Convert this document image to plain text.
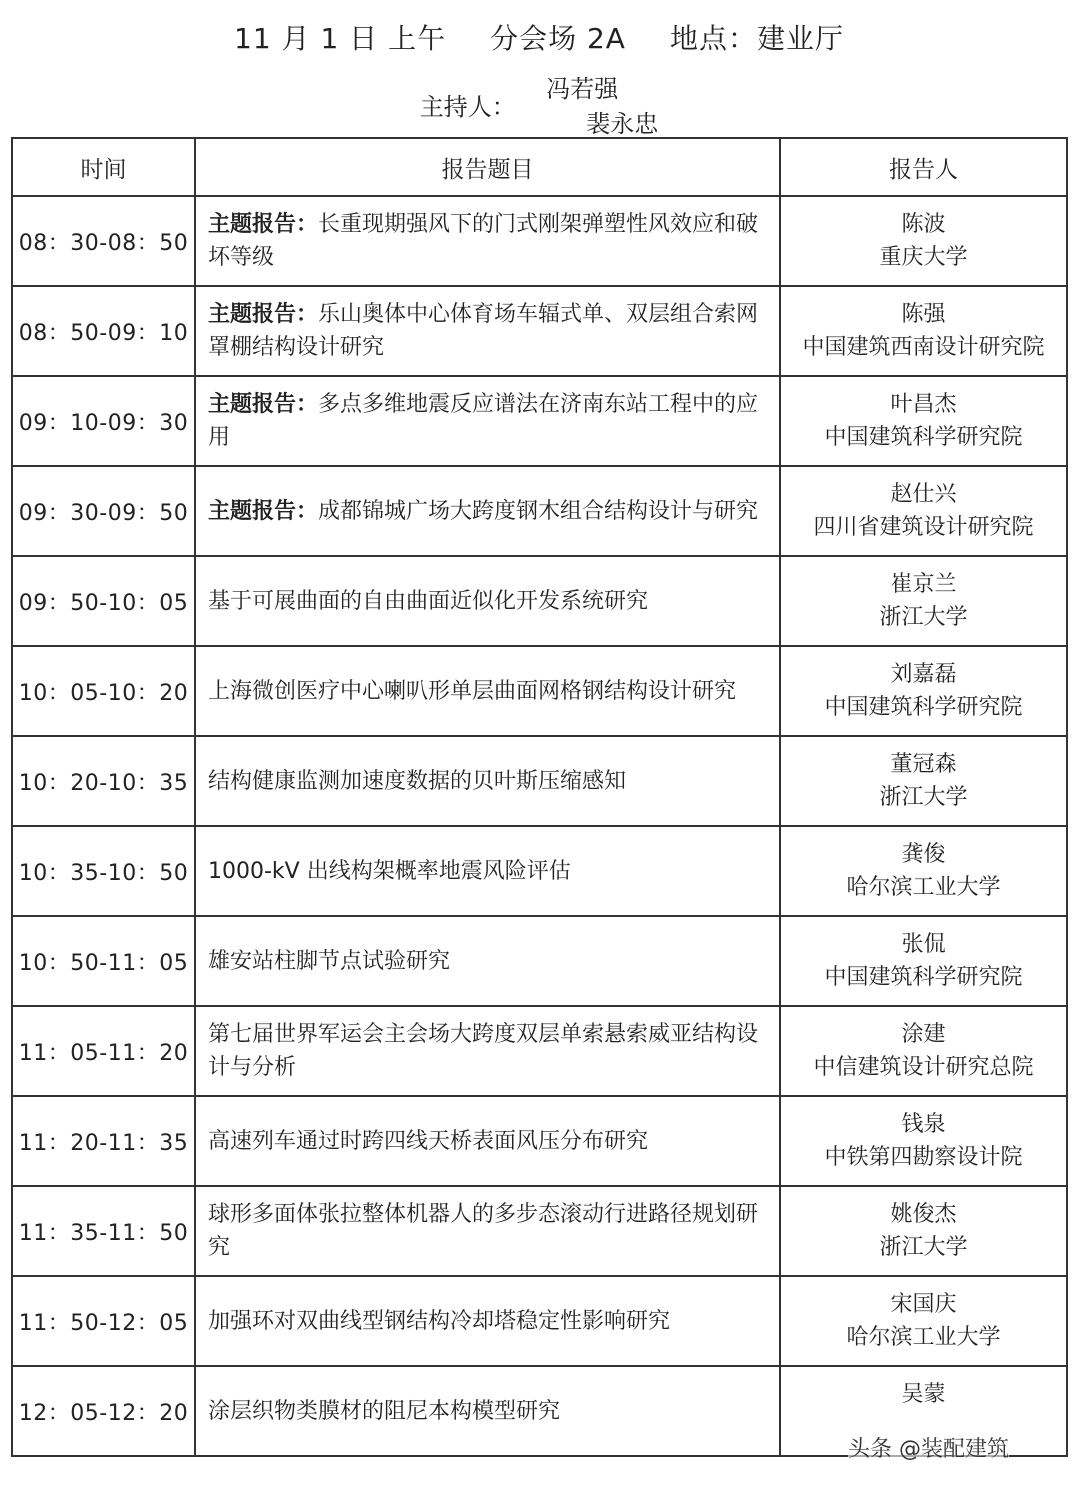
11 月 1 日 上午 分会场 2A 地点：建业厅
主持人：

冯若强
裴永忠

时间	报告题目	报告人
08：30-08：50	主题报告：长重现期强风下的门式刚架弹塑性风效应和破坏等级	陈波
重庆大学

08：50-09：10	主题报告：乐山奥体中心体育场车辐式单、双层组合索网罩棚结构设计研究	陈强
中国建筑西南设计研究院

09：10-09：30	主题报告：多点多维地震反应谱法在济南东站工程中的应用	叶昌杰
中国建筑科学研究院

09：30-09：50	主题报告：成都锦城广场大跨度钢木组合结构设计与研究	赵仕兴
四川省建筑设计研究院

09：50-10：05	基于可展曲面的自由曲面近似化开发系统研究	崔京兰
浙江大学

10：05-10：20	上海微创医疗中心喇叭形单层曲面网格钢结构设计研究	刘嘉磊
中国建筑科学研究院

10：20-10：35	结构健康监测加速度数据的贝叶斯压缩感知	董冠森
浙江大学

10：35-10：50	1000-kV 出线构架概率地震风险评估	龚俊
哈尔滨工业大学

10：50-11：05	雄安站柱脚节点试验研究	张侃
中国建筑科学研究院

11：05-11：20	第七届世界军运会主会场大跨度双层单索悬索威亚结构设计与分析	涂建
中信建筑设计研究总院

11：20-11：35	高速列车通过时跨四线天桥表面风压分布研究	钱泉
中铁第四勘察设计院

11：35-11：50	球形多面体张拉整体机器人的多步态滚动行进路径规划研究	姚俊杰
浙江大学

11：50-12：05	加强环对双曲线型钢结构冷却塔稳定性影响研究	宋国庆
哈尔滨工业大学

12：05-12：20	涂层织物类膜材的阻尼本构模型研究	吴蒙

头条 @装配建筑
